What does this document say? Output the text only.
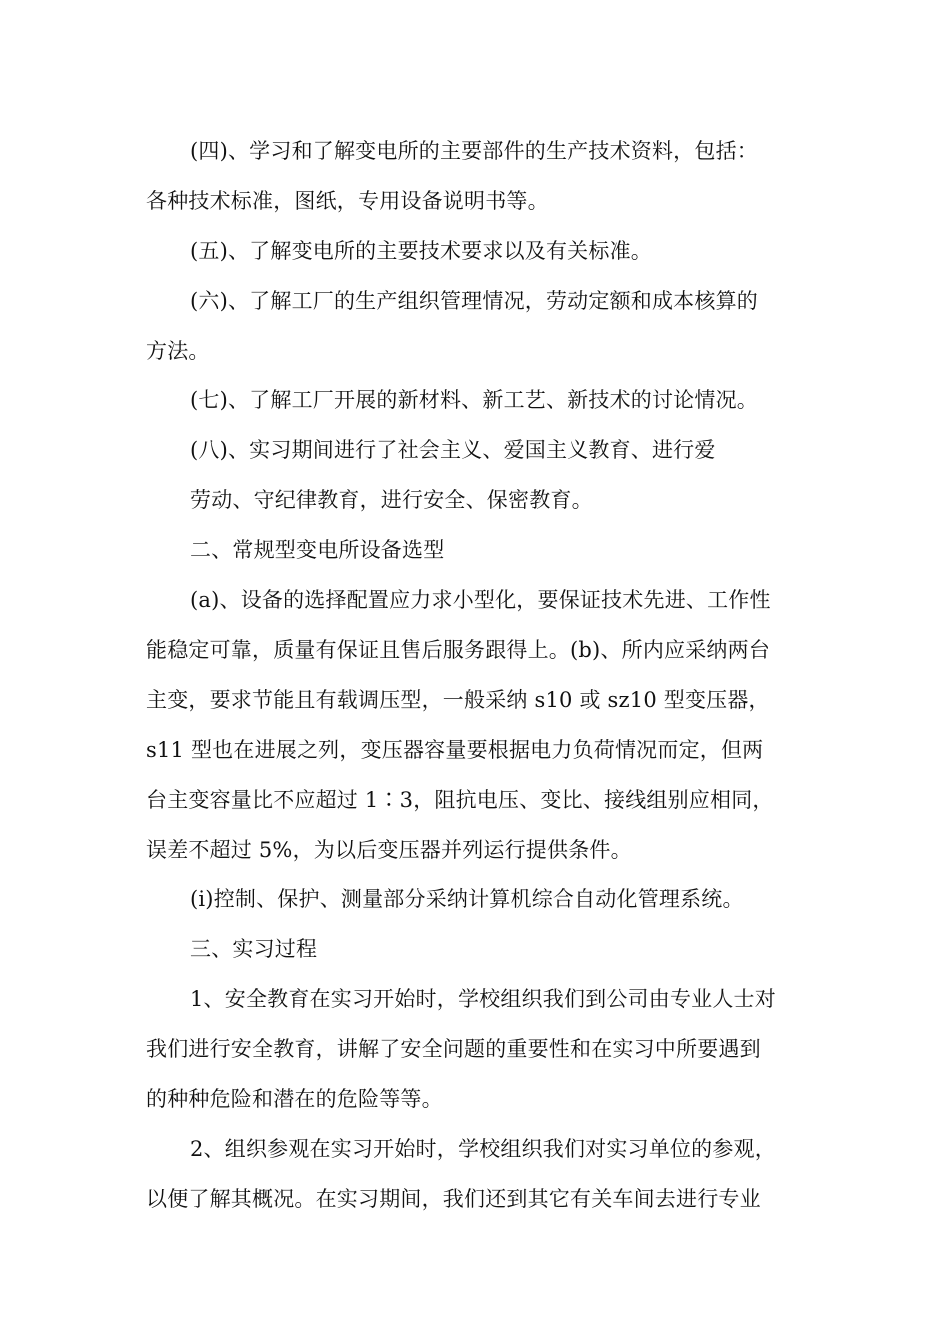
(四)、学习和了解变电所的主要部件的生产技术资料，包括：
各种技术标准，图纸，专用设备说明书等。
(五)、了解变电所的主要技术要求以及有关标准。
(六)、了解工厂的生产组织管理情况，劳动定额和成本核算的
方法。
(七)、了解工厂开展的新材料、新工艺、新技术的讨论情况。
(八)、实习期间进行了社会主义、爱国主义教育、进行爱
劳动、守纪律教育，进行安全、保密教育。
二、常规型变电所设备选型
(a)、设备的选择配置应力求小型化，要保证技术先进、工作性
能稳定可靠，质量有保证且售后服务跟得上。(b)、所内应采纳两台
主变，要求节能且有载调压型，一般采纳 s10 或 sz10 型变压器，
s11 型也在进展之列，变压器容量要根据电力负荷情况而定，但两
台主变容量比不应超过 1∶3，阻抗电压、变比、接线组别应相同，
误差不超过 5%，为以后变压器并列运行提供条件。
(i)控制、保护、测量部分采纳计算机综合自动化管理系统。
三、实习过程
1、安全教育在实习开始时，学校组织我们到公司由专业人士对
我们进行安全教育，讲解了安全问题的重要性和在实习中所要遇到
的种种危险和潜在的危险等等。
2、组织参观在实习开始时，学校组织我们对实习单位的参观，
以便了解其概况。在实习期间，我们还到其它有关车间去进行专业
